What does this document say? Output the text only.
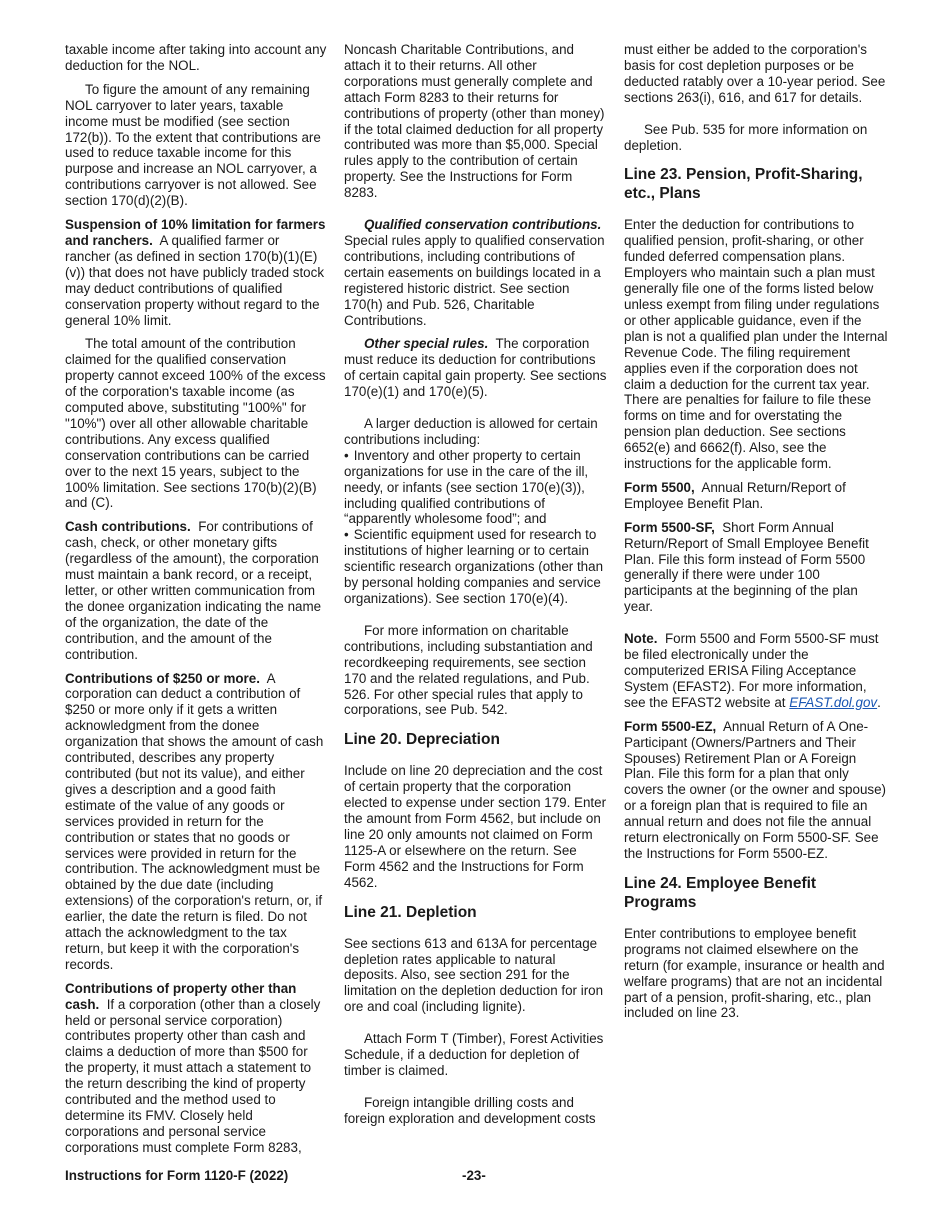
taxable income after taking into account any deduction for the NOL.

To figure the amount of any remaining NOL carryover to later years, taxable income must be modified (see section 172(b)). To the extent that contributions are used to reduce taxable income for this purpose and increase an NOL carryover, a contributions carryover is not allowed. See section 170(d)(2)(B).

Suspension of 10% limitation for farmers and ranchers. A qualified farmer or rancher (as defined in section 170(b)(1)(E)(v)) that does not have publicly traded stock may deduct contributions of qualified conservation property without regard to the general 10% limit.

The total amount of the contribution claimed for the qualified conservation property cannot exceed 100% of the excess of the corporation's taxable income (as computed above, substituting "100%" for "10%") over all other allowable charitable contributions. Any excess qualified conservation contributions can be carried over to the next 15 years, subject to the 100% limitation. See sections 170(b)(2)(B) and (C).

Cash contributions. For contributions of cash, check, or other monetary gifts (regardless of the amount), the corporation must maintain a bank record, or a receipt, letter, or other written communication from the donee organization indicating the name of the organization, the date of the contribution, and the amount of the contribution.

Contributions of $250 or more. A corporation can deduct a contribution of $250 or more only if it gets a written acknowledgment from the donee organization that shows the amount of cash contributed, describes any property contributed (but not its value), and either gives a description and a good faith estimate of the value of any goods or services provided in return for the contribution or states that no goods or services were provided in return for the contribution. The acknowledgment must be obtained by the due date (including extensions) of the corporation's return, or, if earlier, the date the return is filed. Do not attach the acknowledgment to the tax return, but keep it with the corporation's records.

Contributions of property other than cash. If a corporation (other than a closely held or personal service corporation) contributes property other than cash and claims a deduction of more than $500 for the property, it must attach a statement to the return describing the kind of property contributed and the method used to determine its FMV. Closely held corporations and personal service corporations must complete Form 8283,

Noncash Charitable Contributions, and attach it to their returns. All other corporations must generally complete and attach Form 8283 to their returns for contributions of property (other than money) if the total claimed deduction for all property contributed was more than $5,000. Special rules apply to the contribution of certain property. See the Instructions for Form 8283.

Qualified conservation contributions.  Special rules apply to qualified conservation contributions, including contributions of certain easements on buildings located in a registered historic district. See section 170(h) and Pub. 526, Charitable Contributions.

Other special rules. The corporation must reduce its deduction for contributions of certain capital gain property. See sections 170(e)(1) and 170(e)(5).

A larger deduction is allowed for certain contributions including:

• Inventory and other property to certain organizations for use in the care of the ill, needy, or infants (see section 170(e)(3)), including qualified contributions of “apparently wholesome food”; and

• Scientific equipment used for research to institutions of higher learning or to certain scientific research organizations (other than by personal holding companies and service organizations). See section 170(e)(4).

For more information on charitable contributions, including substantiation and recordkeeping requirements, see section 170 and the related regulations, and Pub. 526. For other special rules that apply to corporations, see Pub. 542.

Line 20. Depreciation

Include on line 20 depreciation and the cost of certain property that the corporation elected to expense under section 179. Enter the amount from Form 4562, but include on line 20 only amounts not claimed on Form 1125-A or elsewhere on the return. See Form 4562 and the Instructions for Form 4562.

Line 21. Depletion

See sections 613 and 613A for percentage depletion rates applicable to natural deposits. Also, see section 291 for the limitation on the depletion deduction for iron ore and coal (including lignite).

Attach Form T (Timber), Forest Activities Schedule, if a deduction for depletion of timber is claimed.

Foreign intangible drilling costs and foreign exploration and development costs

must either be added to the corporation's basis for cost depletion purposes or be deducted ratably over a 10-year period. See sections 263(i), 616, and 617 for details.

See Pub. 535 for more information on depletion.

Line 23. Pension, Profit-Sharing, etc., Plans

Enter the deduction for contributions to qualified pension, profit-sharing, or other funded deferred compensation plans. Employers who maintain such a plan must generally file one of the forms listed below unless exempt from filing under regulations or other applicable guidance, even if the plan is not a qualified plan under the Internal Revenue Code. The filing requirement applies even if the corporation does not claim a deduction for the current tax year. There are penalties for failure to file these forms on time and for overstating the pension plan deduction. See sections 6652(e) and 6662(f). Also, see the instructions for the applicable form.

Form 5500, Annual Return/Report of Employee Benefit Plan.

Form 5500-SF, Short Form Annual Return/Report of Small Employee Benefit Plan. File this form instead of Form 5500 generally if there were under 100 participants at the beginning of the plan year.

Note. Form 5500 and Form 5500-SF must be filed electronically under the computerized ERISA Filing Acceptance System (EFAST2). For more information, see the EFAST2 website at EFAST.dol.gov.

Form 5500-EZ, Annual Return of A One-Participant (Owners/Partners and Their Spouses) Retirement Plan or A Foreign Plan. File this form for a plan that only covers the owner (or the owner and spouse) or a foreign plan that is required to file an annual return and does not file the annual return electronically on Form 5500-SF. See the Instructions for Form 5500-EZ.

Line 24. Employee Benefit Programs

Enter contributions to employee benefit programs not claimed elsewhere on the return (for example, insurance or health and welfare programs) that are not an incidental part of a pension, profit-sharing, etc., plan included on line 23.

Instructions for Form 1120-F (2022)	-23-
